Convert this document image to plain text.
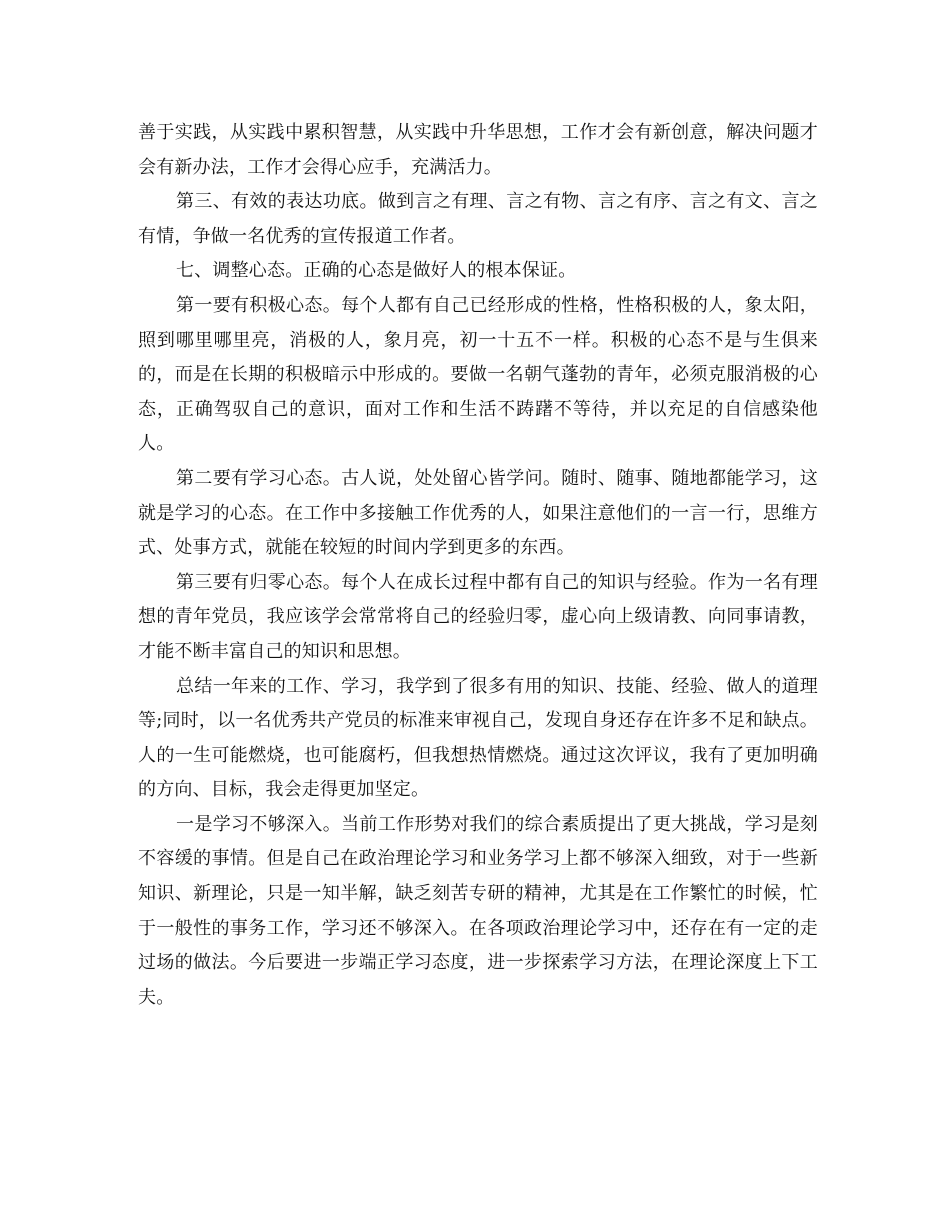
善于实践，从实践中累积智慧，从实践中升华思想，工作才会有新创意，解决问题才会有新办法，工作才会得心应手，充满活力。

第三、有效的表达功底。做到言之有理、言之有物、言之有序、言之有文、言之有情，争做一名优秀的宣传报道工作者。

七、调整心态。正确的心态是做好人的根本保证。

第一要有积极心态。每个人都有自己已经形成的性格，性格积极的人，象太阳，照到哪里哪里亮，消极的人，象月亮，初一十五不一样。积极的心态不是与生俱来的，而是在长期的积极暗示中形成的。要做一名朝气蓬勃的青年，必须克服消极的心态，正确驾驭自己的意识，面对工作和生活不踌躇不等待，并以充足的自信感染他人。

第二要有学习心态。古人说，处处留心皆学问。随时、随事、随地都能学习，这就是学习的心态。在工作中多接触工作优秀的人，如果注意他们的一言一行，思维方式、处事方式，就能在较短的时间内学到更多的东西。

第三要有归零心态。每个人在成长过程中都有自己的知识与经验。作为一名有理想的青年党员，我应该学会常常将自己的经验归零，虚心向上级请教、向同事请教，才能不断丰富自己的知识和思想。

总结一年来的工作、学习，我学到了很多有用的知识、技能、经验、做人的道理等;同时，以一名优秀共产党员的标准来审视自己，发现自身还存在许多不足和缺点。人的一生可能燃烧，也可能腐朽，但我想热情燃烧。通过这次评议，我有了更加明确的方向、目标，我会走得更加坚定。

一是学习不够深入。当前工作形势对我们的综合素质提出了更大挑战，学习是刻不容缓的事情。但是自己在政治理论学习和业务学习上都不够深入细致，对于一些新知识、新理论，只是一知半解，缺乏刻苦专研的精神，尤其是在工作繁忙的时候，忙于一般性的事务工作，学习还不够深入。在各项政治理论学习中，还存在有一定的走过场的做法。今后要进一步端正学习态度，进一步探索学习方法，在理论深度上下工夫。
